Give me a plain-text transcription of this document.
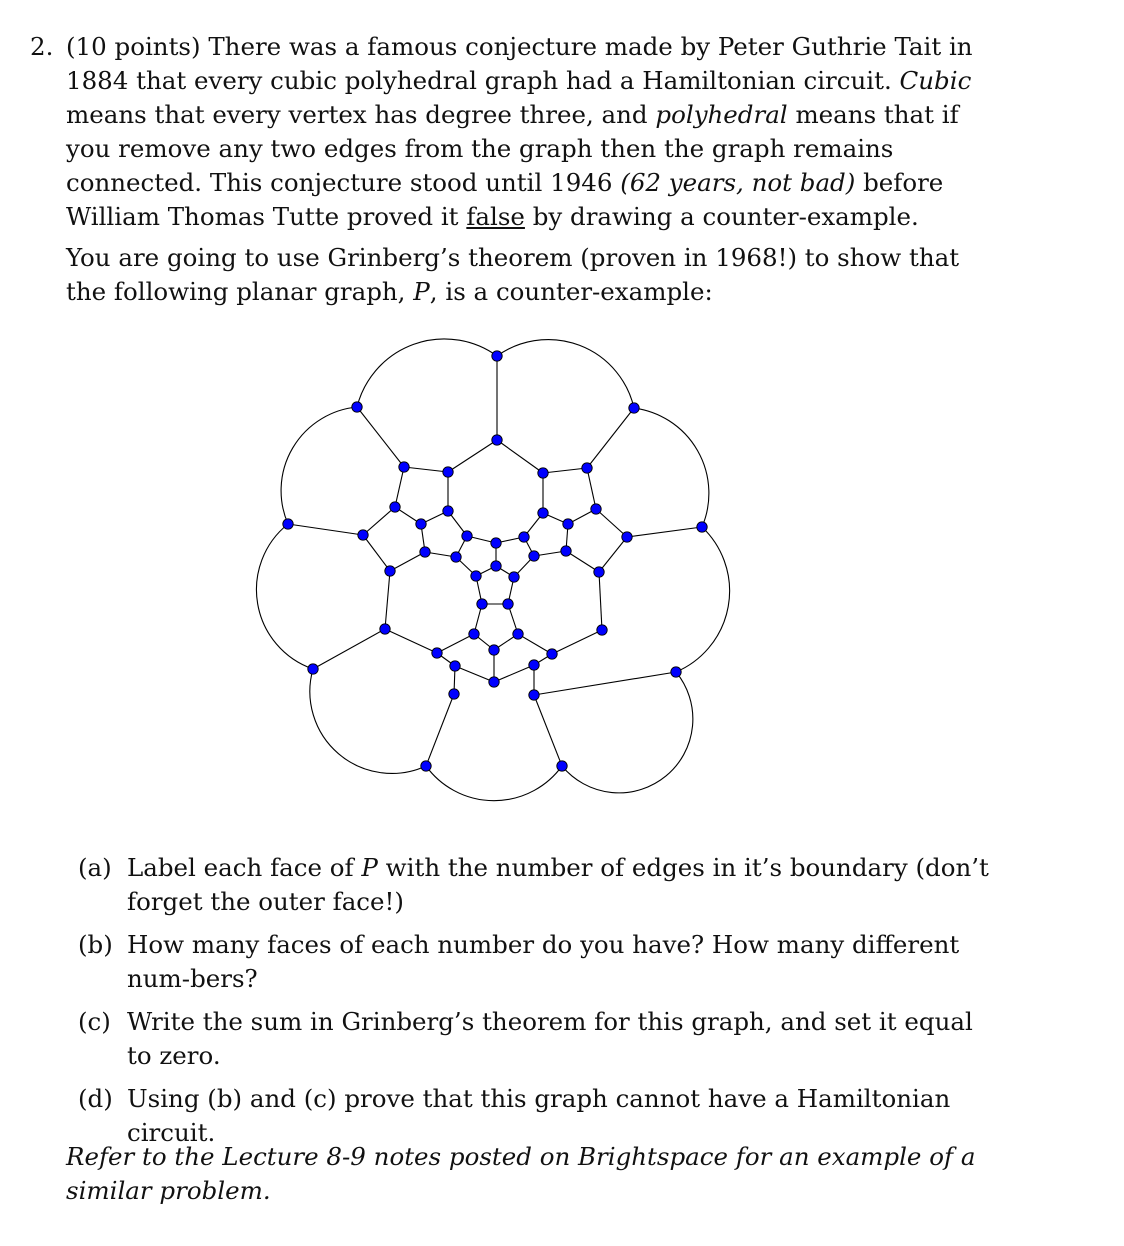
2. (10 points) There was a famous conjecture made by Peter Guthrie Tait in 1884 that every cubic polyhedral graph had a Hamiltonian circuit. Cubic means that every vertex has degree three, and polyhedral means that if you remove any two edges from the graph then the graph remains connected. This conjecture stood until 1946 (62 years, not bad) before William Thomas Tutte proved it false by drawing a counter-example.
You are going to use Grinberg’s theorem (proven in 1968!) to show that the following planar graph, P, is a counter-example:
(a) Label each face of P with the number of edges in it’s boundary (don’t forget the outer face!)
(b) How many faces of each number do you have? How many different num-bers?
(c) Write the sum in Grinberg’s theorem for this graph, and set it equal to zero.
(d) Using (b) and (c) prove that this graph cannot have a Hamiltonian circuit.
Refer to the Lecture 8-9 notes posted on Brightspace for an example of a similar problem.
